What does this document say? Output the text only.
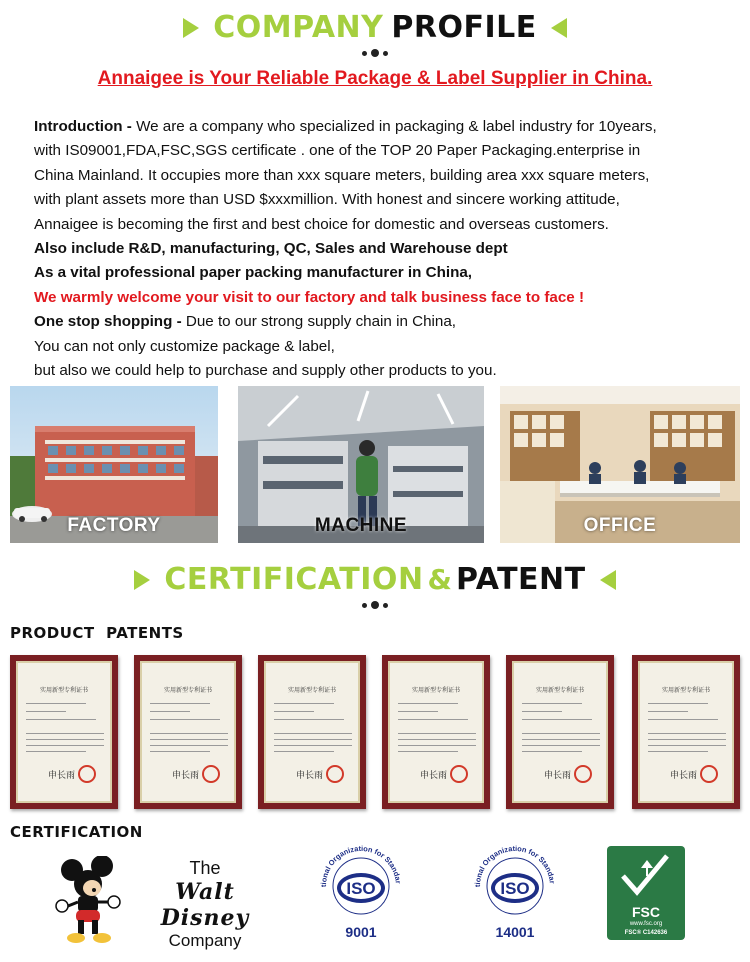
COMPANY PROFILE
Annaigee is Your Reliable Package & Label Supplier in China.

Introduction - We are a company who specialized in packaging & label industry for 10years,

with IS09001,FDA,FSC,SGS certificate . one of the TOP 20 Paper Packaging.enterprise in

China Mainland. It occupies more than xxx square meters, building area xxx square meters,

with plant assets more than USD $xxxmillion. With honest and sincere working attitude,

Annaigee is becoming the first and best choice for domestic and overseas customers.

Also include R&D, manufacturing, QC, Sales and Warehouse dept

As a vital professional paper packing manufacturer in China,

We warmly welcome your visit to our factory and talk business face to face !

One stop shopping - Due to our strong supply chain in China,

You can not only customize package & label,

but also we could help to purchase and supply other products to you.

FACTORY	MACHINE	OFFICE
CERTIFICATION & PATENT
PRODUCT  PATENTS
实用新型专利证书
申长雨
实用新型专利证书
申长雨
实用新型专利证书
申长雨
实用新型专利证书
申长雨
实用新型专利证书
申长雨
实用新型专利证书
申长雨
CERTIFICATION
The
Walt Disney
Company
tional Organization for Standar
ISO
9001
tional Organization for Standar
ISO
14001
FSC
www.fsc.org
FSC® C142636
